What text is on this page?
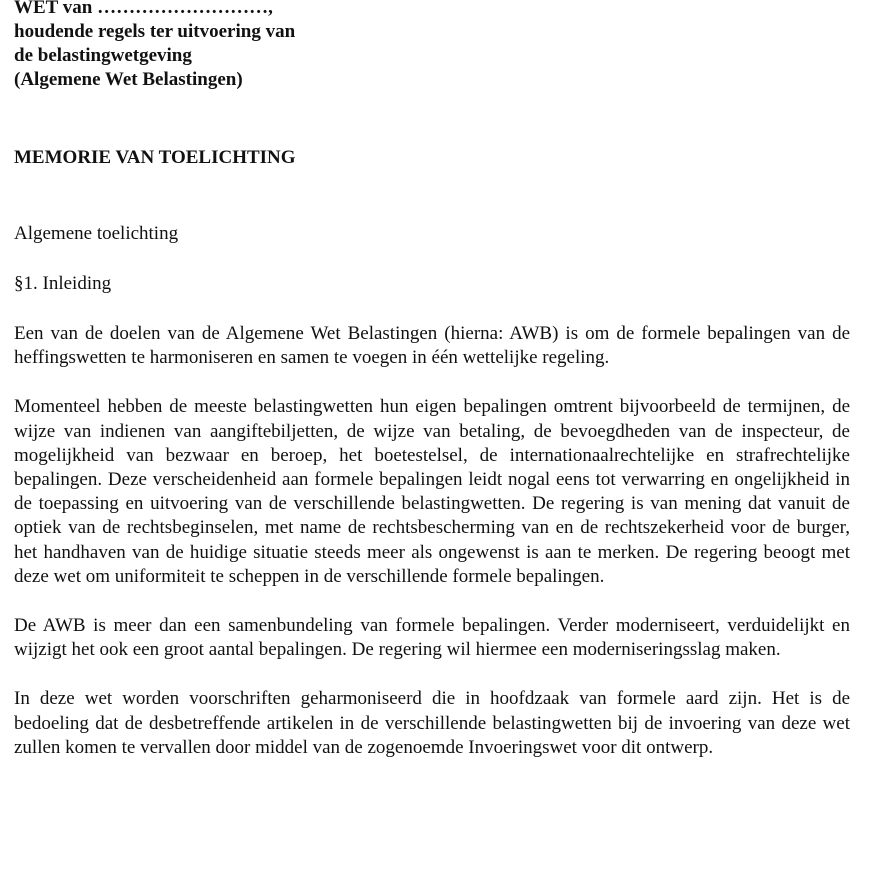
WET van ………………………,
houdende regels ter uitvoering van
de belastingwetgeving
(Algemene Wet Belastingen)
MEMORIE VAN TOELICHTING
Algemene toelichting
§1. Inleiding

Een van de doelen van de Algemene Wet Belastingen (hierna: AWB) is om de formele bepalingen van de heffingswetten te harmoniseren en samen te voegen in één wettelijke regeling.

Momenteel hebben de meeste belastingwetten hun eigen bepalingen omtrent bijvoorbeeld de termijnen, de wijze van indienen van aangiftebiljetten, de wijze van betaling, de bevoegdheden van de inspecteur, de mogelijkheid van bezwaar en beroep, het boetestelsel, de internationaalrechtelijke en strafrechtelijke bepalingen. Deze verscheidenheid aan formele bepalingen leidt nogal eens tot verwarring en ongelijkheid in de toepassing en uitvoering van de verschillende belastingwetten. De regering is van mening dat vanuit de optiek van de rechtsbeginselen, met name de rechtsbescherming van en de rechtszekerheid voor de burger, het handhaven van de huidige situatie steeds meer als ongewenst is aan te merken. De regering beoogt met deze wet om uniformiteit te scheppen in de verschillende formele bepalingen.

De AWB is meer dan een samenbundeling van formele bepalingen. Verder moderniseert, verduidelijkt en wijzigt het ook een groot aantal bepalingen. De regering wil hiermee een moderniseringsslag maken.

In deze wet worden voorschriften geharmoniseerd die in hoofdzaak van formele aard zijn. Het is de bedoeling dat de desbetreffende artikelen in de verschillende belastingwetten bij de invoering van deze wet zullen komen te vervallen door middel van de zogenoemde Invoeringswet voor dit ontwerp.
